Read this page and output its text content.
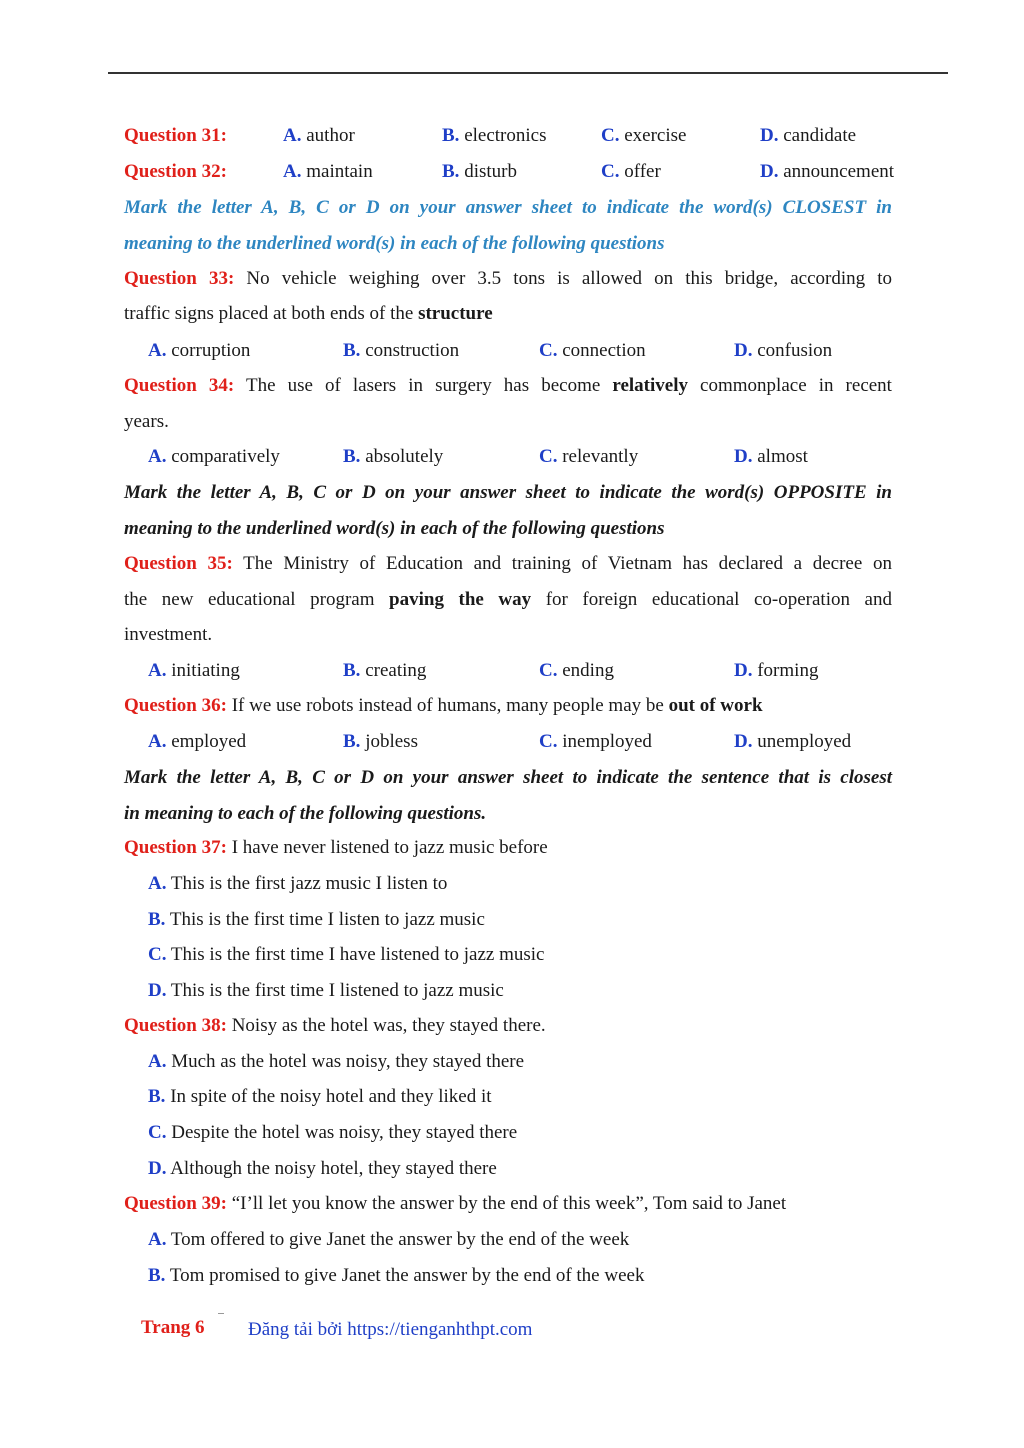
Question 31:	A. author	B. electronics	C. exercise	D. candidate
Question 32:	A. maintain	B. disturb	C. offer	D. announcement
Mark the letter A, B, C or D on your answer sheet to indicate the word(s) CLOSEST in
meaning to the underlined word(s) in each of the following questions
Question 33: No vehicle weighing over 3.5 tons is allowed on this bridge, according to
traffic signs placed at both ends of the structure
A. corruption	B. construction	C. connection	D. confusion
Question 34: The use of lasers in surgery has become relatively commonplace in recent
years.
A. comparatively	B. absolutely	C. relevantly	D. almost
Mark the letter A, B, C or D on your answer sheet to indicate the word(s) OPPOSITE in
meaning to the underlined word(s) in each of the following questions
Question 35: The Ministry of Education and training of Vietnam has declared a decree on
the new educational program paving the way for foreign educational co-operation and
investment.
A. initiating	B. creating	C. ending	D. forming
Question 36: If we use robots instead of humans, many people may be out of work
A. employed	B. jobless	C. inemployed	D. unemployed
Mark the letter A, B, C or D on your answer sheet to indicate the sentence that is closest
in meaning to each of the following questions.
Question 37: I have never listened to jazz music before
A. This is the first jazz music I listen to
B. This is the first time I listen to jazz music
C. This is the first time I have listened to jazz music
D. This is the first time I listened to jazz music
Question 38: Noisy as the hotel was, they stayed there.
A. Much as the hotel was noisy, they stayed there
B. In spite of the noisy hotel and they liked it
C. Despite the hotel was noisy, they stayed there
D. Although the noisy hotel, they stayed there
Question 39: “I’ll let you know the answer by the end of this week”, Tom said to Janet
A. Tom offered to give Janet the answer by the end of the week
B. Tom promised to give Janet the answer by the end of the week
Trang 6 Đăng tải bởi https://tienganhthpt.com
